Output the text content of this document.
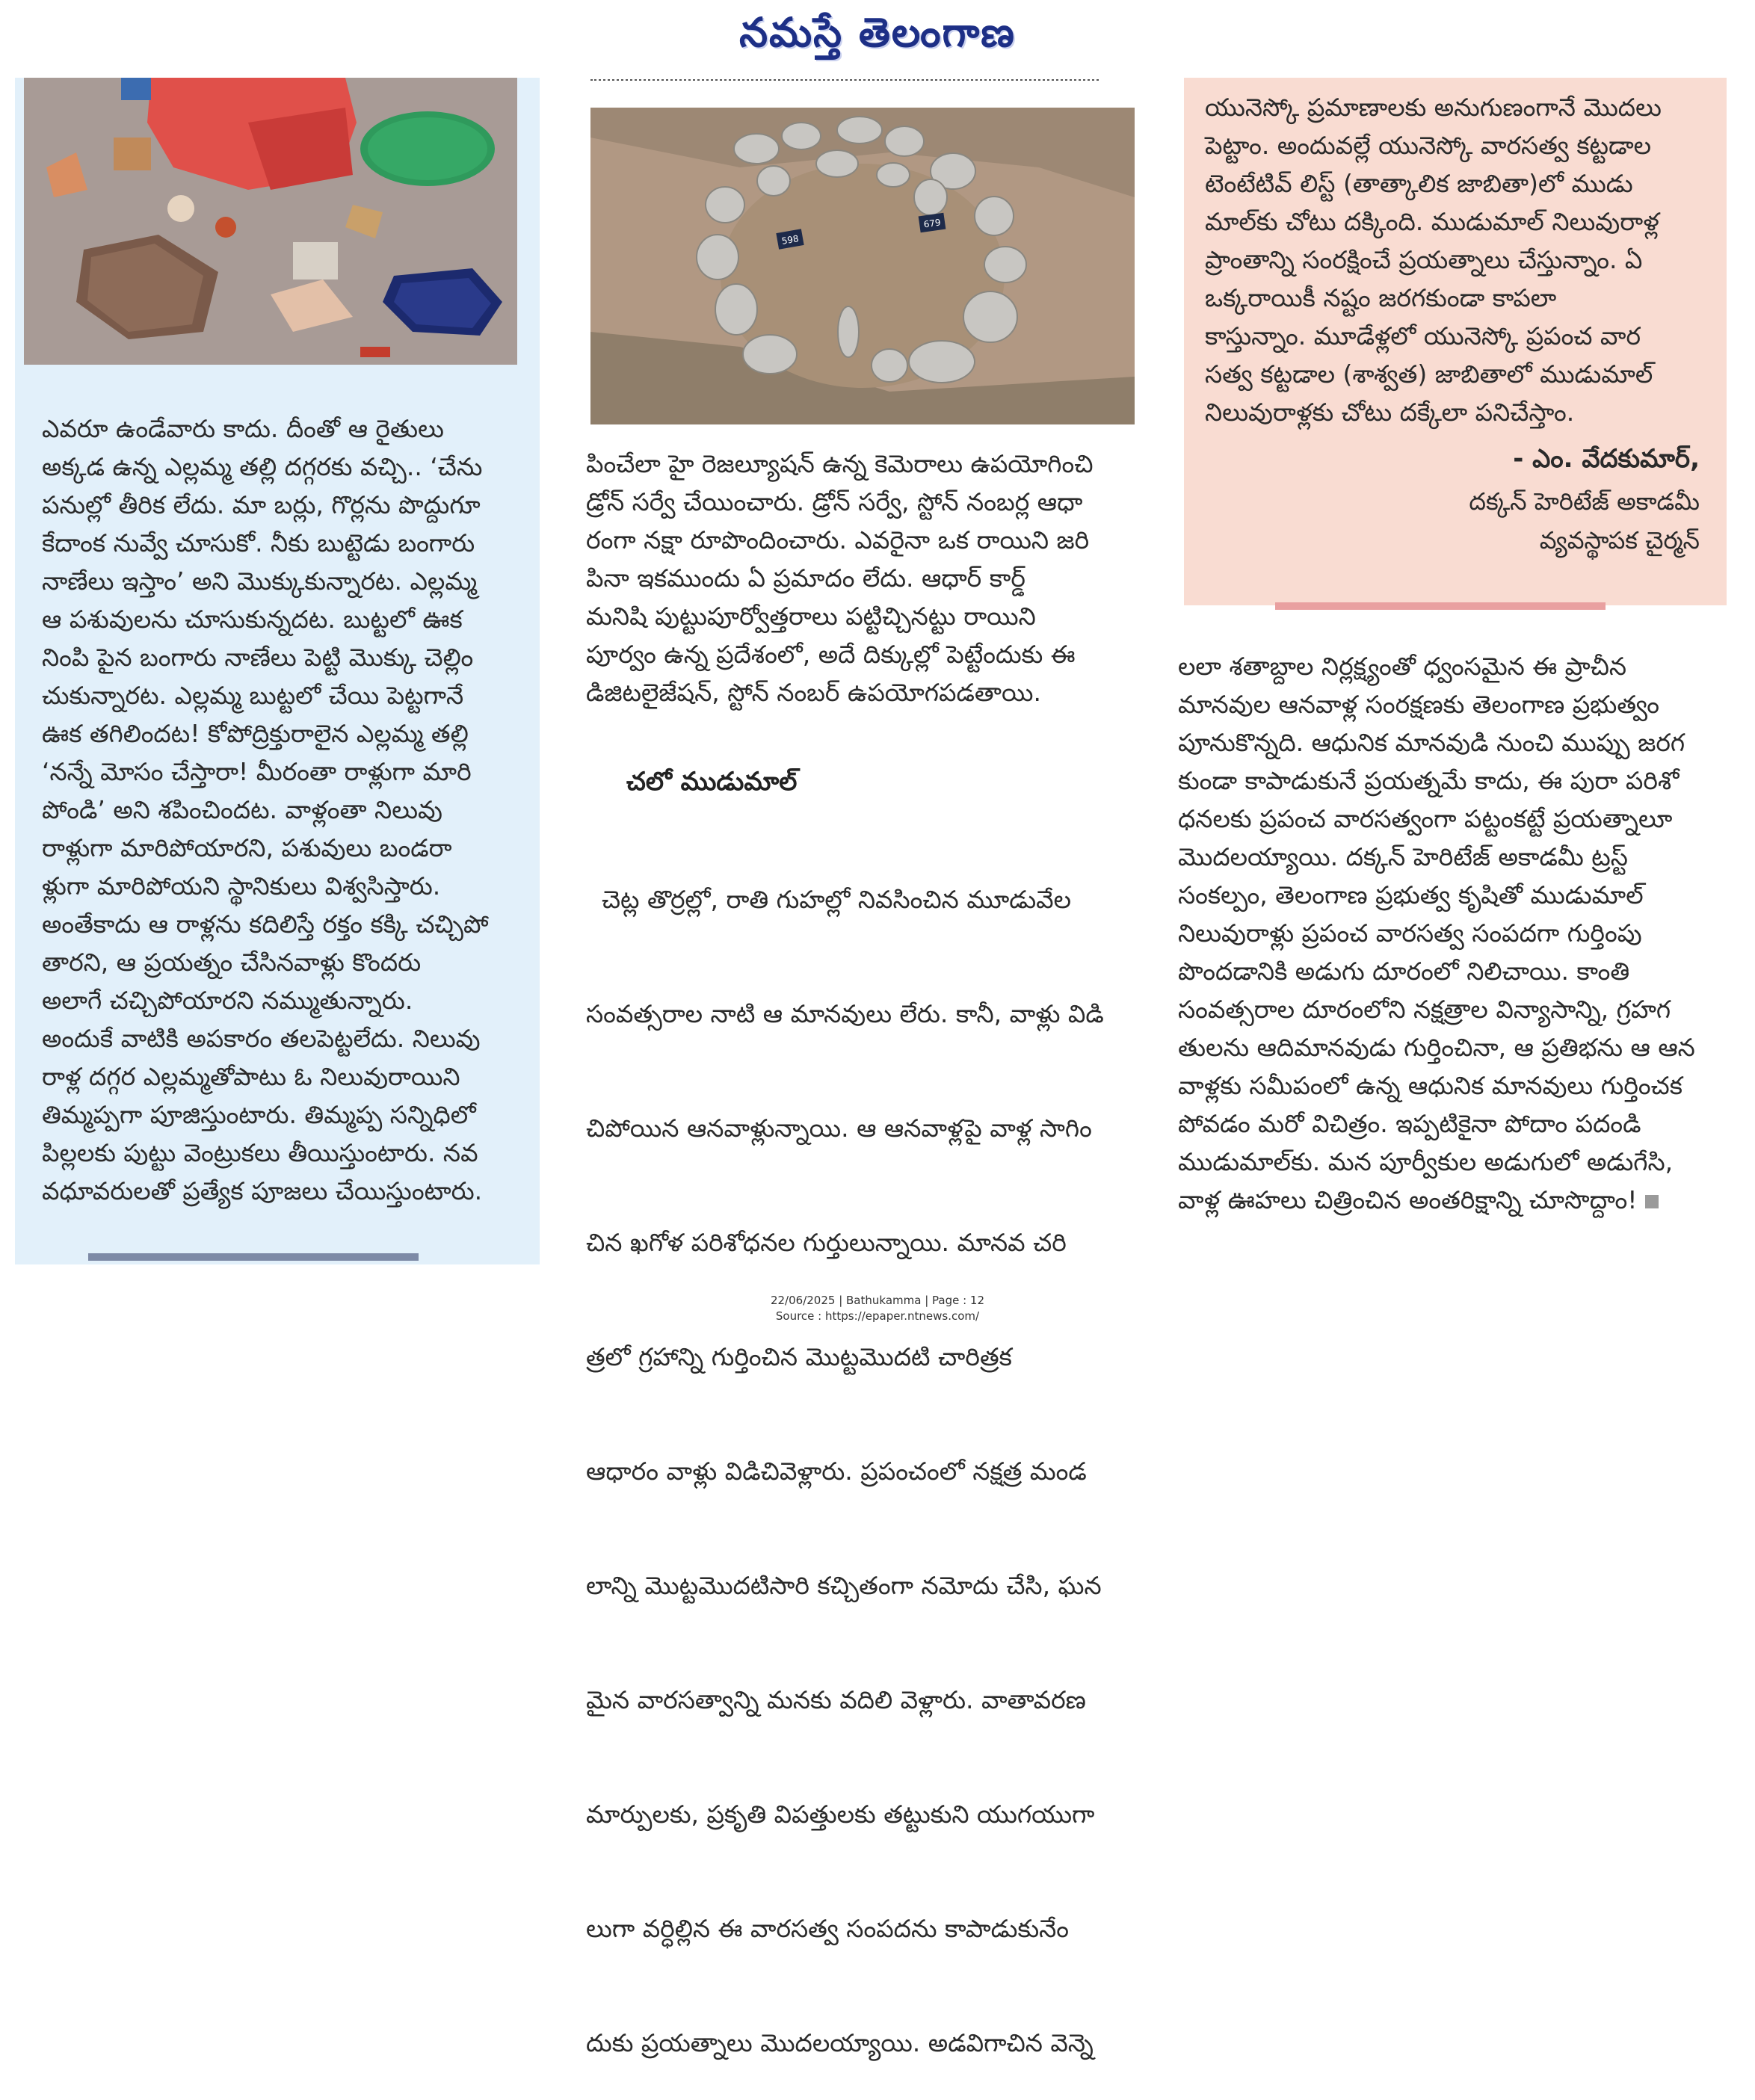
నమస్తే తెలంగాణ
ఎవరూ ఉండేవారు కాదు. దీంతో ఆ రైతులు
అక్కడ ఉన్న ఎల్లమ్మ తల్లి దగ్గరకు వచ్చి.. ‘చేను
పనుల్లో తీరిక లేదు. మా బర్లు, గొర్లను పొద్దుగూ
కేదాంక నువ్వే చూసుకో. నీకు బుట్టెడు బంగారు
నాణేలు ఇస్తాం’ అని మొక్కుకున్నారట. ఎల్లమ్మ
ఆ పశువులను చూసుకున్నదట. బుట్టలో ఊక
నింపి పైన బంగారు నాణేలు పెట్టి మొక్కు చెల్లిం
చుకున్నారట. ఎల్లమ్మ బుట్టలో చేయి పెట్టగానే
ఊక తగిలిందట! కోపోద్రిక్తురాలైన ఎల్లమ్మ తల్లి
‘నన్నే మోసం చేస్తారా! మీరంతా రాళ్లుగా మారి
పోండి’ అని శపించిందట. వాళ్లంతా నిలువు
రాళ్లుగా మారిపోయారని, పశువులు బండరా
ళ్లుగా మారిపోయని స్థానికులు విశ్వసిస్తారు.
అంతేకాదు ఆ రాళ్లను కదిలిస్తే రక్తం కక్కి చచ్చిపో
తారని, ఆ ప్రయత్నం చేసినవాళ్లు కొందరు
అలాగే చచ్చిపోయారని నమ్ముతున్నారు.
అందుకే వాటికి అపకారం తలపెట్టలేదు. నిలువు
రాళ్ల దగ్గర ఎల్లమ్మతోపాటు ఓ నిలువురాయిని
తిమ్మప్పగా పూజిస్తుంటారు. తిమ్మప్ప సన్నిధిలో
పిల్లలకు పుట్టు వెంట్రుకలు తీయిస్తుంటారు. నవ
వధూవరులతో ప్రత్యేక పూజలు చేయిస్తుంటారు.
598
679
పించేలా హై రెజల్యూషన్ ఉన్న కెమెరాలు ఉపయోగించి
డ్రోన్ సర్వే చేయించారు. డ్రోన్ సర్వే, స్టోన్ నంబర్ల ఆధా
రంగా నక్షా రూపొందించారు. ఎవరైనా ఒక రాయిని జరి
పినా ఇకముందు ఏ ప్రమాదం లేదు. ఆధార్ కార్డ్
మనిషి పుట్టుపూర్వోత్తరాలు పట్టిచ్చినట్టు రాయిని
పూర్వం ఉన్న ప్రదేశంలో, అదే దిక్కుల్లో పెట్టేందుకు ఈ
డిజిటలైజేషన్, స్టోన్ నంబర్ ఉపయోగపడతాయి.
చలో ముడుమాల్

చెట్ల తొర్రల్లో, రాతి గుహల్లో నివసించిన మూడువేల

సంవత్సరాల నాటి ఆ మానవులు లేరు. కానీ, వాళ్లు విడి

చిపోయిన ఆనవాళ్లున్నాయి. ఆ ఆనవాళ్లపై వాళ్ల సాగిం

చిన ఖగోళ పరిశోధనల గుర్తులున్నాయి. మానవ చరి

త్రలో గ్రహాన్ని గుర్తించిన మొట్టమొదటి చారిత్రక

ఆధారం వాళ్లు విడిచివెళ్లారు. ప్రపంచంలో నక్షత్ర మండ

లాన్ని మొట్టమొదటిసారి కచ్చితంగా నమోదు చేసి, ఘన

మైన వారసత్వాన్ని మనకు వదిలి వెళ్లారు. వాతావరణ

మార్పులకు, ప్రకృతి విపత్తులకు తట్టుకుని యుగయుగా

లుగా వర్ధిల్లిన ఈ వారసత్వ సంపదను కాపాడుకునేం

దుకు ప్రయత్నాలు మొదలయ్యాయి. అడవిగాచిన వెన్నె

యునెస్కో ప్రమాణాలకు అనుగుణంగానే మొదలు
పెట్టాం. అందువల్లే యునెస్కో వారసత్వ కట్టడాల
టెంటేటివ్ లిస్ట్ (తాత్కాలిక జాబితా)లో ముడు
మాల్‌కు చోటు దక్కింది. ముడుమాల్ నిలువురాళ్ల
ప్రాంతాన్ని సంరక్షించే ప్రయత్నాలు చేస్తున్నాం. ఏ
ఒక్కరాయికీ నష్టం జరగకుండా కాపలా
కాస్తున్నాం. మూడేళ్లలో యునెస్కో ప్రపంచ వార
సత్వ కట్టడాల (శాశ్వత) జాబితాలో ముడుమాల్
నిలువురాళ్లకు చోటు దక్కేలా పనిచేస్తాం.
- ఎం. వేదకుమార్,
దక్కన్ హెరిటేజ్ అకాడమీ
వ్యవస్థాపక చైర్మన్
లలా శతాబ్దాల నిర్లక్ష్యంతో ధ్వంసమైన ఈ ప్రాచీన
మానవుల ఆనవాళ్ల సంరక్షణకు తెలంగాణ ప్రభుత్వం
పూనుకొన్నది. ఆధునిక మానవుడి నుంచి ముప్పు జరగ
కుండా కాపాడుకునే ప్రయత్నమే కాదు, ఈ పురా పరిశో
ధనలకు ప్రపంచ వారసత్వంగా పట్టంకట్టే ప్రయత్నాలూ
మొదలయ్యాయి. దక్కన్ హెరిటేజ్ అకాడమీ ట్రస్ట్
సంకల్పం, తెలంగాణ ప్రభుత్వ కృషితో ముడుమాల్
నిలువురాళ్లు ప్రపంచ వారసత్వ సంపదగా గుర్తింపు
పొందడానికి అడుగు దూరంలో నిలిచాయి. కాంతి
సంవత్సరాల దూరంలోని నక్షత్రాల విన్యాసాన్ని, గ్రహగ
తులను ఆదిమానవుడు గుర్తించినా, ఆ ప్రతిభను ఆ ఆన
వాళ్లకు సమీపంలో ఉన్న ఆధునిక మానవులు గుర్తించక
పోవడం మరో విచిత్రం. ఇప్పటికైనా పోదాం పదండి
ముడుమాల్‌కు. మన పూర్వీకుల అడుగులో అడుగేసి,
వాళ్ల ఊహలు చిత్రించిన అంతరిక్షాన్ని చూసొద్దాం!
22/06/2025 | Bathukamma | Page : 12
Source : https://epaper.ntnews.com/
